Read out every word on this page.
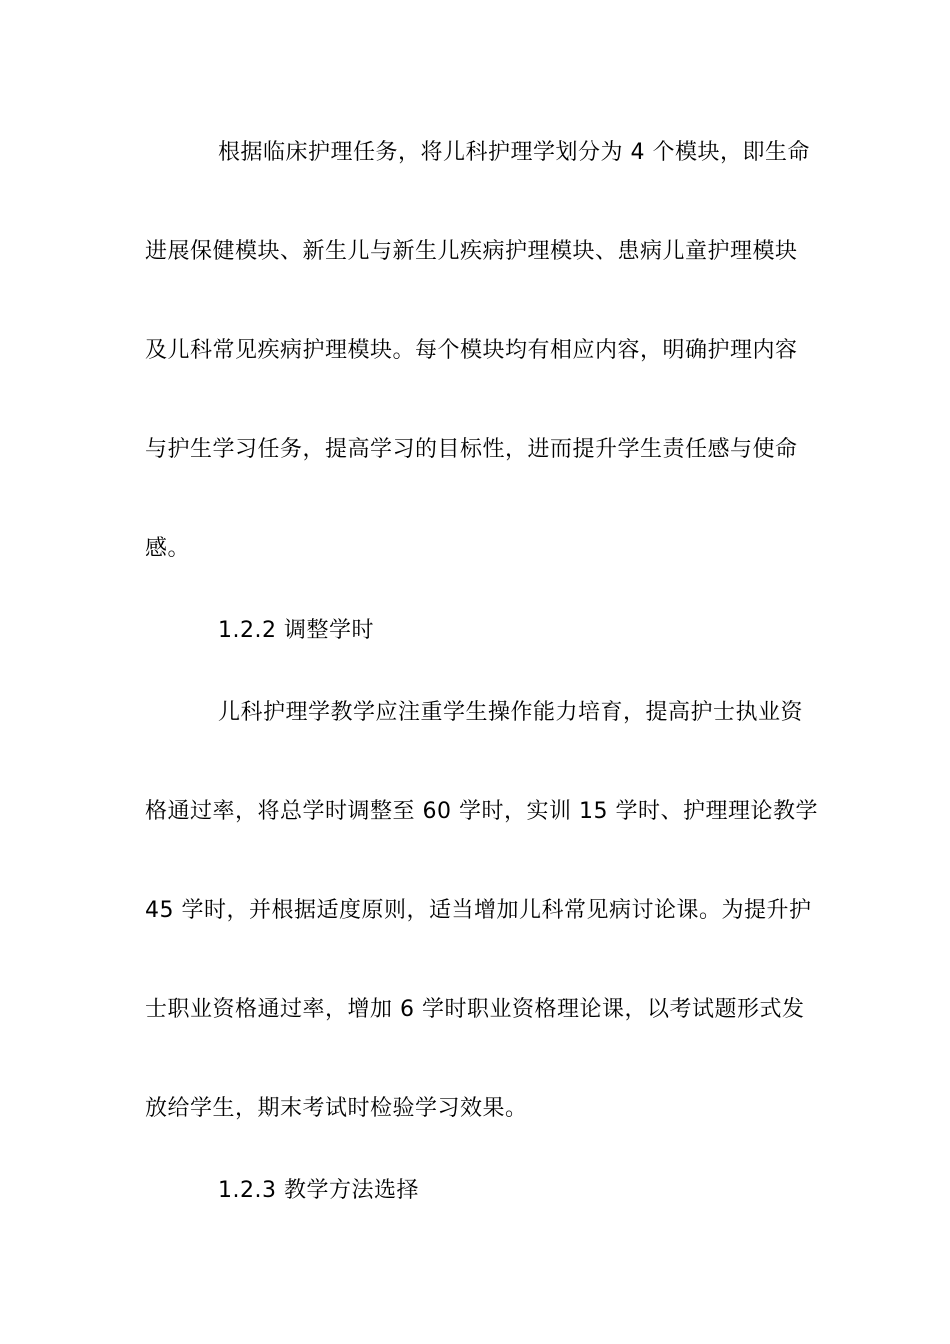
根据临床护理任务，将儿科护理学划分为 4 个模块，即生命
进展保健模块、新生儿与新生儿疾病护理模块、患病儿童护理模块
及儿科常见疾病护理模块。每个模块均有相应内容，明确护理内容
与护生学习任务，提高学习的目标性，进而提升学生责任感与使命
感。
1.2.2 调整学时
儿科护理学教学应注重学生操作能力培育，提高护士执业资
格通过率，将总学时调整至 60 学时，实训 15 学时、护理理论教学
45 学时，并根据适度原则，适当增加儿科常见病讨论课。为提升护
士职业资格通过率，增加 6 学时职业资格理论课，以考试题形式发
放给学生，期末考试时检验学习效果。
1.2.3 教学方法选择
